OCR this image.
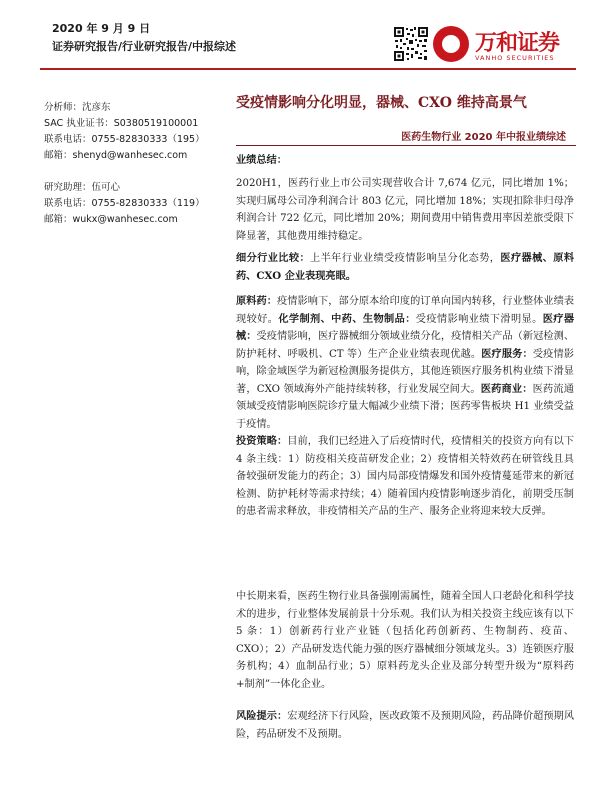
2020 年 9 月 9 日
证券研究报告/行业研究报告/中报综述	万和证券
VANHO SECURITIES
分析师：沈彦东
SAC 执业证书：S0380519100001
联系电话：0755-82830333（195）
邮箱：shenyd@wanhesec.com
研究助理：伍可心
联系电话：0755-82830333（119）
邮箱：wukx@wanhesec.com
受疫情影响分化明显，器械、CXO 维持高景气
医药生物行业 2020 年中报业绩综述
业绩总结：
2020H1，医药行业上市公司实现营收合计 7,674 亿元，同比增加 1%；实现归属母公司净利润合计 803 亿元，同比增加 18%；实现扣除非归母净利润合计 722 亿元，同比增加 20%；期间费用中销售费用率因差旅受限下降显著，其他费用维持稳定。
细分行业比较：上半年行业业绩受疫情影响呈分化态势，医疗器械、原料药、CXO 企业表现亮眼。
原料药：疫情影响下，部分原本给印度的订单向国内转移，行业整体业绩表现较好。化学制剂、中药、生物制品：受疫情影响业绩下滑明显。医疗器械：受疫情影响，医疗器械细分领域业绩分化，疫情相关产品（新冠检测、防护耗材、呼吸机、CT 等）生产企业业绩表现优越。医疗服务：受疫情影响，除金域医学为新冠检测服务提供方，其他连锁医疗服务机构业绩下滑显著，CXO 领域海外产能持续转移，行业发展空间大。医药商业：医药流通领域受疫情影响医院诊疗量大幅减少业绩下滑；医药零售板块 H1 业绩受益于疫情。
投资策略：目前，我们已经进入了后疫情时代，疫情相关的投资方向有以下 4 条主线：1）防疫相关疫苗研发企业；2）疫情相关特效药在研管线且具备较强研发能力的药企；3）国内局部疫情爆发和国外疫情蔓延带来的新冠检测、防护耗材等需求持续；4）随着国内疫情影响逐步消化，前期受压制的患者需求释放，非疫情相关产品的生产、服务企业将迎来较大反弹。
中长期来看，医药生物行业具备强刚需属性，随着全国人口老龄化和科学技术的进步，行业整体发展前景十分乐观。我们认为相关投资主线应该有以下 5 条：1）创新药行业产业链（包括化药创新药、生物制药、疫苗、CXO）；2）产品研发迭代能力强的医疗器械细分领域龙头。3）连锁医疗服务机构；4）血制品行业；5）原料药龙头企业及部分转型升级为“原料药+制剂”一体化企业。
风险提示：宏观经济下行风险，医改政策不及预期风险，药品降价超预期风险，药品研发不及预期。
